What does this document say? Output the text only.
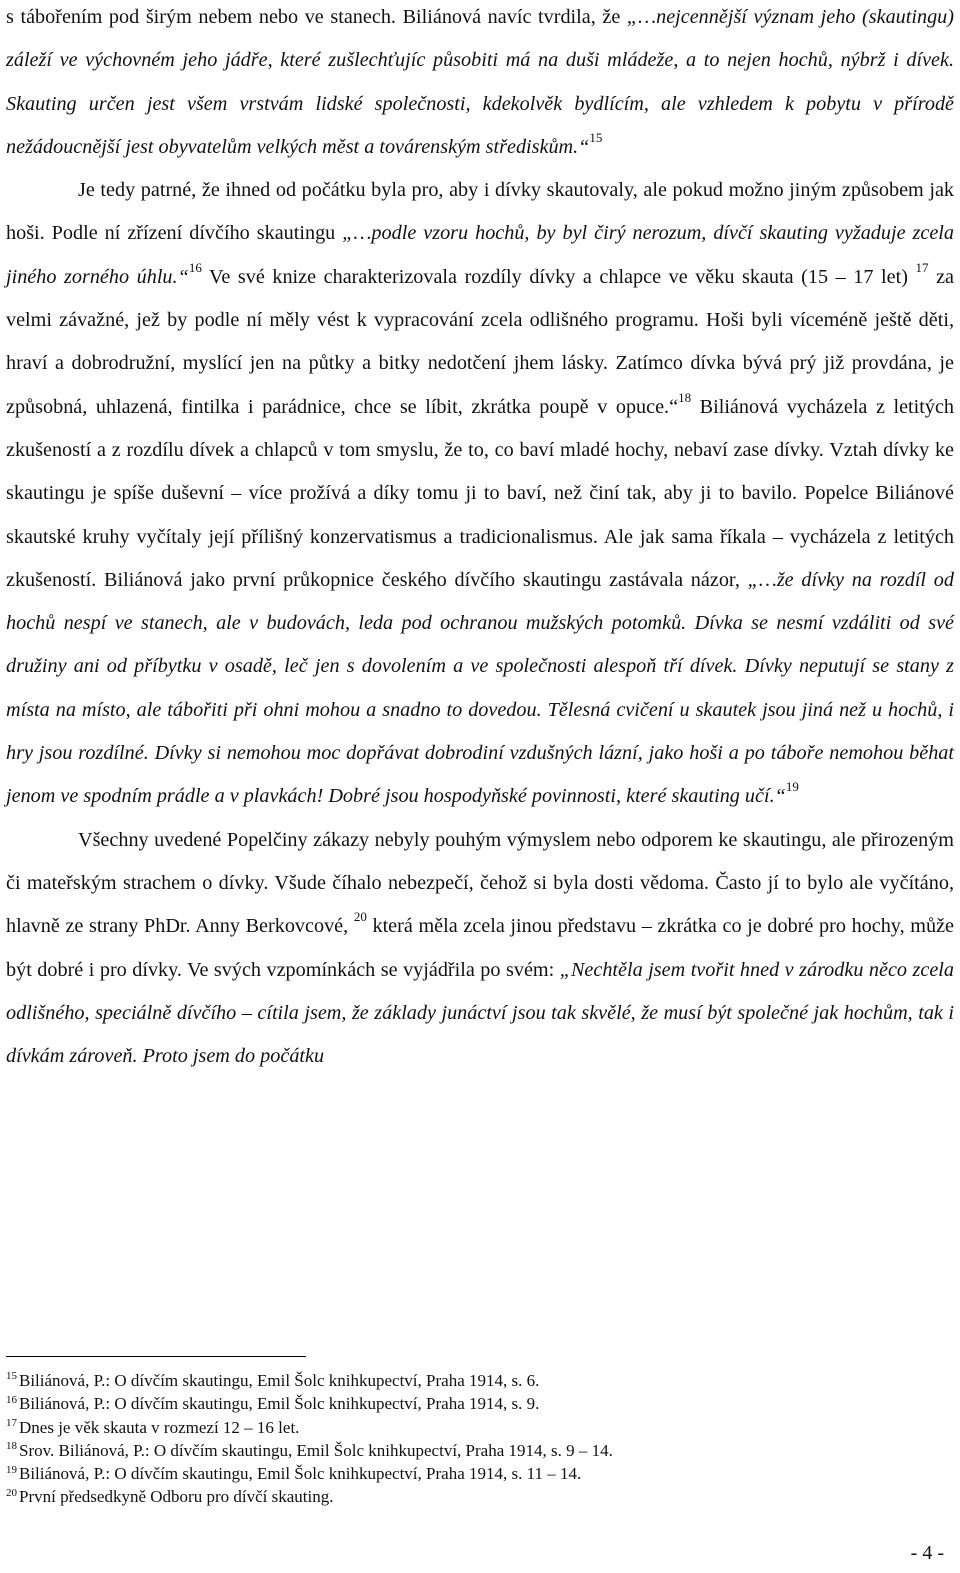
s tábořením pod širým nebem nebo ve stanech. Biliánová navíc tvrdila, že „…nejcennější význam jeho (skautingu) záleží ve výchovném jeho jádře, které zušlechťujíc působiti má na duši mládeže, a to nejen hochů, nýbrž i dívek. Skauting určen jest všem vrstvám lidské společnosti, kdekolvěk bydlícím, ale vzhledem k pobytu v přírodě nežádoucnější jest obyvatelům velkých měst a továrenským střediskům.“$^{15}$

Je tedy patrné, že ihned od počátku byla pro, aby i dívky skautovaly, ale pokud možno jiným způsobem jak hoši. Podle ní zřízení dívčího skautingu „…podle vzoru hochů, by byl čirý nerozum, dívčí skauting vyžaduje zcela jiného zorného úhlu.“$^{16}$ Ve své knize charakterizovala rozdíly dívky a chlapce ve věku skauta (15 – 17 let) $^{17}$ za velmi závažné, jež by podle ní měly vést k vypracování zcela odlišného programu. Hoši byli víceméně ještě děti, hraví a dobrodružní, myslící jen na půtky a bitky nedotčení jhem lásky. Zatímco dívka bývá prý již provdána, je způsobná, uhlazená, fintilka i parádnice, chce se líbit, zkrátka poupě v opuce.“$^{18}$ Biliánová vycházela z letitých zkušeností a z rozdílu dívek a chlapců v tom smyslu, že to, co baví mladé hochy, nebaví zase dívky. Vztah dívky ke skautingu je spíše duševní – více prožívá a díky tomu ji to baví, než činí tak, aby ji to bavilo. Popelce Biliánové skautské kruhy vyčítaly její přílišný konzervatismus a tradicionalismus. Ale jak sama říkala – vycházela z letitých zkušeností. Biliánová jako první průkopnice českého dívčího skautingu zastávala názor, „…že dívky na rozdíl od hochů nespí ve stanech, ale v budovách, leda pod ochranou mužských potomků. Dívka se nesmí vzdáliti od své družiny ani od příbytku v osadě, leč jen s dovolením a ve společnosti alespoň tří dívek. Dívky neputují se stany z místa na místo, ale tábořiti při ohni mohou a snadno to dovedou. Tělesná cvičení u skautek jsou jiná než u hochů, i hry jsou rozdílné. Dívky si nemohou moc dopřávat dobrodiní vzdušných lázní, jako hoši a po táboře nemohou běhat jenom ve spodním prádle a v plavkách! Dobré jsou hospodyňské povinnosti, které skauting učí.“$^{19}$

Všechny uvedené Popelčiny zákazy nebyly pouhým výmyslem nebo odporem ke skautingu, ale přirozeným či mateřským strachem o dívky. Všude číhalo nebezpečí, čehož si byla dosti vědoma. Často jí to bylo ale vyčítáno, hlavně ze strany PhDr. Anny Berkovcové, $^{20}$ která měla zcela jinou představu – zkrátka co je dobré pro hochy, může být dobré i pro dívky. Ve svých vzpomínkách se vyjádřila po svém: „Nechtěla jsem tvořit hned v zárodku něco zcela odlišného, speciálně dívčího – cítila jsem, že základy junáctví jsou tak skvělé, že musí být společné jak hochům, tak i dívkám zároveň. Proto jsem do počátku

$^{15}$ Biliánová, P.: O dívčím skautingu, Emil Šolc knihkupectví, Praha 1914, s. 6.
$^{16}$ Biliánová, P.: O dívčím skautingu, Emil Šolc knihkupectví, Praha 1914, s. 9.
$^{17}$ Dnes je věk skauta v rozmezí 12 – 16 let.
$^{18}$ Srov. Biliánová, P.: O dívčím skautingu, Emil Šolc knihkupectví, Praha 1914, s. 9 – 14.
$^{19}$ Biliánová, P.: O dívčím skautingu, Emil Šolc knihkupectví, Praha 1914, s. 11 – 14.
$^{20}$ První předsedkyně Odboru pro dívčí skauting.
- 4 -
